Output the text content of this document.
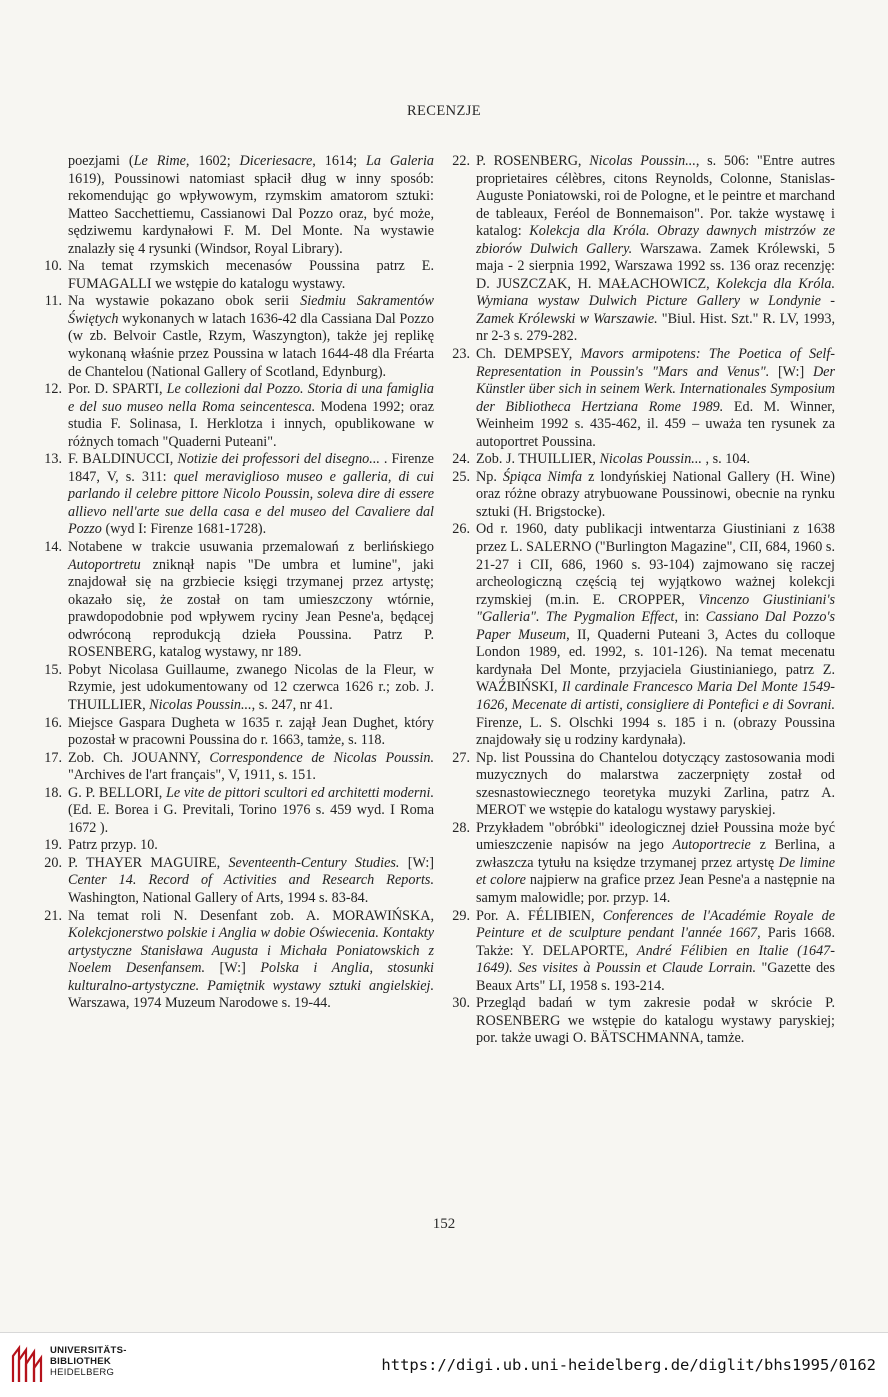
RECENZJE

poezjami (Le Rime, 1602; Diceriesacre, 1614; La Galeria 1619), Poussinowi natomiast spłacił dług w inny sposób: rekomendując go wpływowym, rzymskim amatorom sztuki: Matteo Sacchettiemu, Cassianowi Dal Pozzo oraz, być może, sędziwemu kardynałowi F. M. Del Monte. Na wystawie znalazły się 4 rysunki (Windsor, Royal Library).

10. Na temat rzymskich mecenasów Poussina patrz E. FUMAGALLI we wstępie do katalogu wystawy.

11. Na wystawie pokazano obok serii Siedmiu Sakramentów Świętych wykonanych w latach 1636-42 dla Cassiana Dal Pozzo (w zb. Belvoir Castle, Rzym, Waszyngton), także jej replikę wykonaną właśnie przez Poussina w latach 1644-48 dla Fréarta de Chantelou (National Gallery of Scotland, Edynburg).

12. Por. D. SPARTI, Le collezioni dal Pozzo. Storia di una famiglia e del suo museo nella Roma seincentesca. Modena 1992; oraz studia F. Solinasa, I. Herklotza i innych, opublikowane w różnych tomach "Quaderni Puteani".

13. F. BALDINUCCI, Notizie dei professori del disegno... . Firenze 1847, V, s. 311: quel meraviglioso museo e galleria, di cui parlando il celebre pittore Nicolo Poussin, soleva dire di essere allievo nell'arte sue della casa e del museo del Cavaliere dal Pozzo (wyd I: Firenze 1681-1728).

14. Notabene w trakcie usuwania przemalowań z berlińskiego Autoportretu zniknął napis "De umbra et lumine", jaki znajdował się na grzbiecie księgi trzymanej przez artystę; okazało się, że został on tam umieszczony wtórnie, prawdopodobnie pod wpływem ryciny Jean Pesne'a, będącej odwróconą reprodukcją dzieła Poussina. Patrz P. ROSENBERG, katalog wystawy, nr 189.

15. Pobyt Nicolasa Guillaume, zwanego Nicolas de la Fleur, w Rzymie, jest udokumentowany od 12 czerwca 1626 r.; zob. J. THUILLIER, Nicolas Poussin..., s. 247, nr 41.

16. Miejsce Gaspara Dugheta w 1635 r. zajął Jean Dughet, który pozostał w pracowni Poussina do r. 1663, tamże, s. 118.

17. Zob. Ch. JOUANNY, Correspondence de Nicolas Poussin. "Archives de l'art français", V, 1911, s. 151.

18. G. P. BELLORI, Le vite de pittori scultori ed architetti moderni. (Ed. E. Borea i G. Previtali, Torino 1976 s. 459 wyd. I Roma 1672 ).

19. Patrz przyp. 10.

20. P. THAYER MAGUIRE, Seventeenth-Century Studies. [W:] Center 14. Record of Activities and Research Reports. Washington, National Gallery of Arts, 1994 s. 83-84.

21. Na temat roli N. Desenfant zob. A. MORAWIŃSKA, Kolekcjonerstwo polskie i Anglia w dobie Oświecenia. Kontakty artystyczne Stanisława Augusta i Michała Poniatowskich z Noelem Desenfansem. [W:] Polska i Anglia, stosunki kulturalno-artystyczne. Pamiętnik wystawy sztuki angielskiej. Warszawa, 1974 Muzeum Narodowe s. 19-44.

22. P. ROSENBERG, Nicolas Poussin..., s. 506: "Entre autres proprietaires célèbres, citons Reynolds, Colonne, Stanislas-Auguste Poniatowski, roi de Pologne, et le peintre et marchand de tableaux, Feréol de Bonnemaison". Por. także wystawę i katalog: Kolekcja dla Króla. Obrazy dawnych mistrzów ze zbiorów Dulwich Gallery. Warszawa. Zamek Królewski, 5 maja - 2 sierpnia 1992, Warszawa 1992 ss. 136 oraz recenzję: D. JUSZCZAK, H. MAŁACHOWICZ, Kolekcja dla Króla. Wymiana wystaw Dulwich Picture Gallery w Londynie - Zamek Królewski w Warszawie. "Biul. Hist. Szt." R. LV, 1993, nr 2-3 s. 279-282.

23. Ch. DEMPSEY, Mavors armipotens: The Poetica of Self-Representation in Poussin's "Mars and Venus". [W:] Der Künstler über sich in seinem Werk. Internationales Symposium der Bibliotheca Hertziana Rome 1989. Ed. M. Winner, Weinheim 1992 s. 435-462, il. 459 – uważa ten rysunek za autoportret Poussina.

24. Zob. J. THUILLIER, Nicolas Poussin... , s. 104.

25. Np. Śpiąca Nimfa z londyńskiej National Gallery (H. Wine) oraz różne obrazy atrybuowane Poussinowi, obecnie na rynku sztuki (H. Brigstocke).

26. Od r. 1960, daty publikacji intwentarza Giustiniani z 1638 przez L. SALERNO ("Burlington Magazine", CII, 684, 1960 s. 21-27 i CII, 686, 1960 s. 93-104) zajmowano się raczej archeologiczną częścią tej wyjątkowo ważnej kolekcji rzymskiej (m.in. E. CROPPER, Vincenzo Giustiniani's "Galleria". The Pygmalion Effect, in: Cassiano Dal Pozzo's Paper Museum, II, Quaderni Puteani 3, Actes du colloque London 1989, ed. 1992, s. 101-126). Na temat mecenatu kardynała Del Monte, przyjaciela Giustinianiego, patrz Z. WAŹBIŃSKI, Il cardinale Francesco Maria Del Monte 1549-1626, Mecenate di artisti, consigliere di Pontefici e di Sovrani. Firenze, L. S. Olschki 1994 s. 185 i n. (obrazy Poussina znajdowały się u rodziny kardynała).

27. Np. list Poussina do Chantelou dotyczący zastosowania modi muzycznych do malarstwa zaczerpnięty został od szesnastowiecznego teoretyka muzyki Zarlina, patrz A. MEROT we wstępie do katalogu wystawy paryskiej.

28. Przykładem "obróbki" ideologicznej dzieł Poussina może być umieszczenie napisów na jego Autoportrecie z Berlina, a zwłaszcza tytułu na księdze trzymanej przez artystę De limine et colore najpierw na grafice przez Jean Pesne'a a następnie na samym malowidle; por. przyp. 14.

29. Por. A. FÉLIBIEN, Conferences de l'Académie Royale de Peinture et de sculpture pendant l'année 1667, Paris 1668. Także: Y. DELAPORTE, André Félibien en Italie (1647-1649). Ses visites à Poussin et Claude Lorrain. "Gazette des Beaux Arts" LI, 1958 s. 193-214.

30. Przegląd badań w tym zakresie podał w skrócie P. ROSENBERG we wstępie do katalogu wystawy paryskiej; por. także uwagi O. BÄTSCHMANNA, tamże.

152
UNIVERSITÄTS-
BIBLIOTHEK
HEIDELBERG	https://digi.ub.uni-heidelberg.de/diglit/bhs1995/0162
